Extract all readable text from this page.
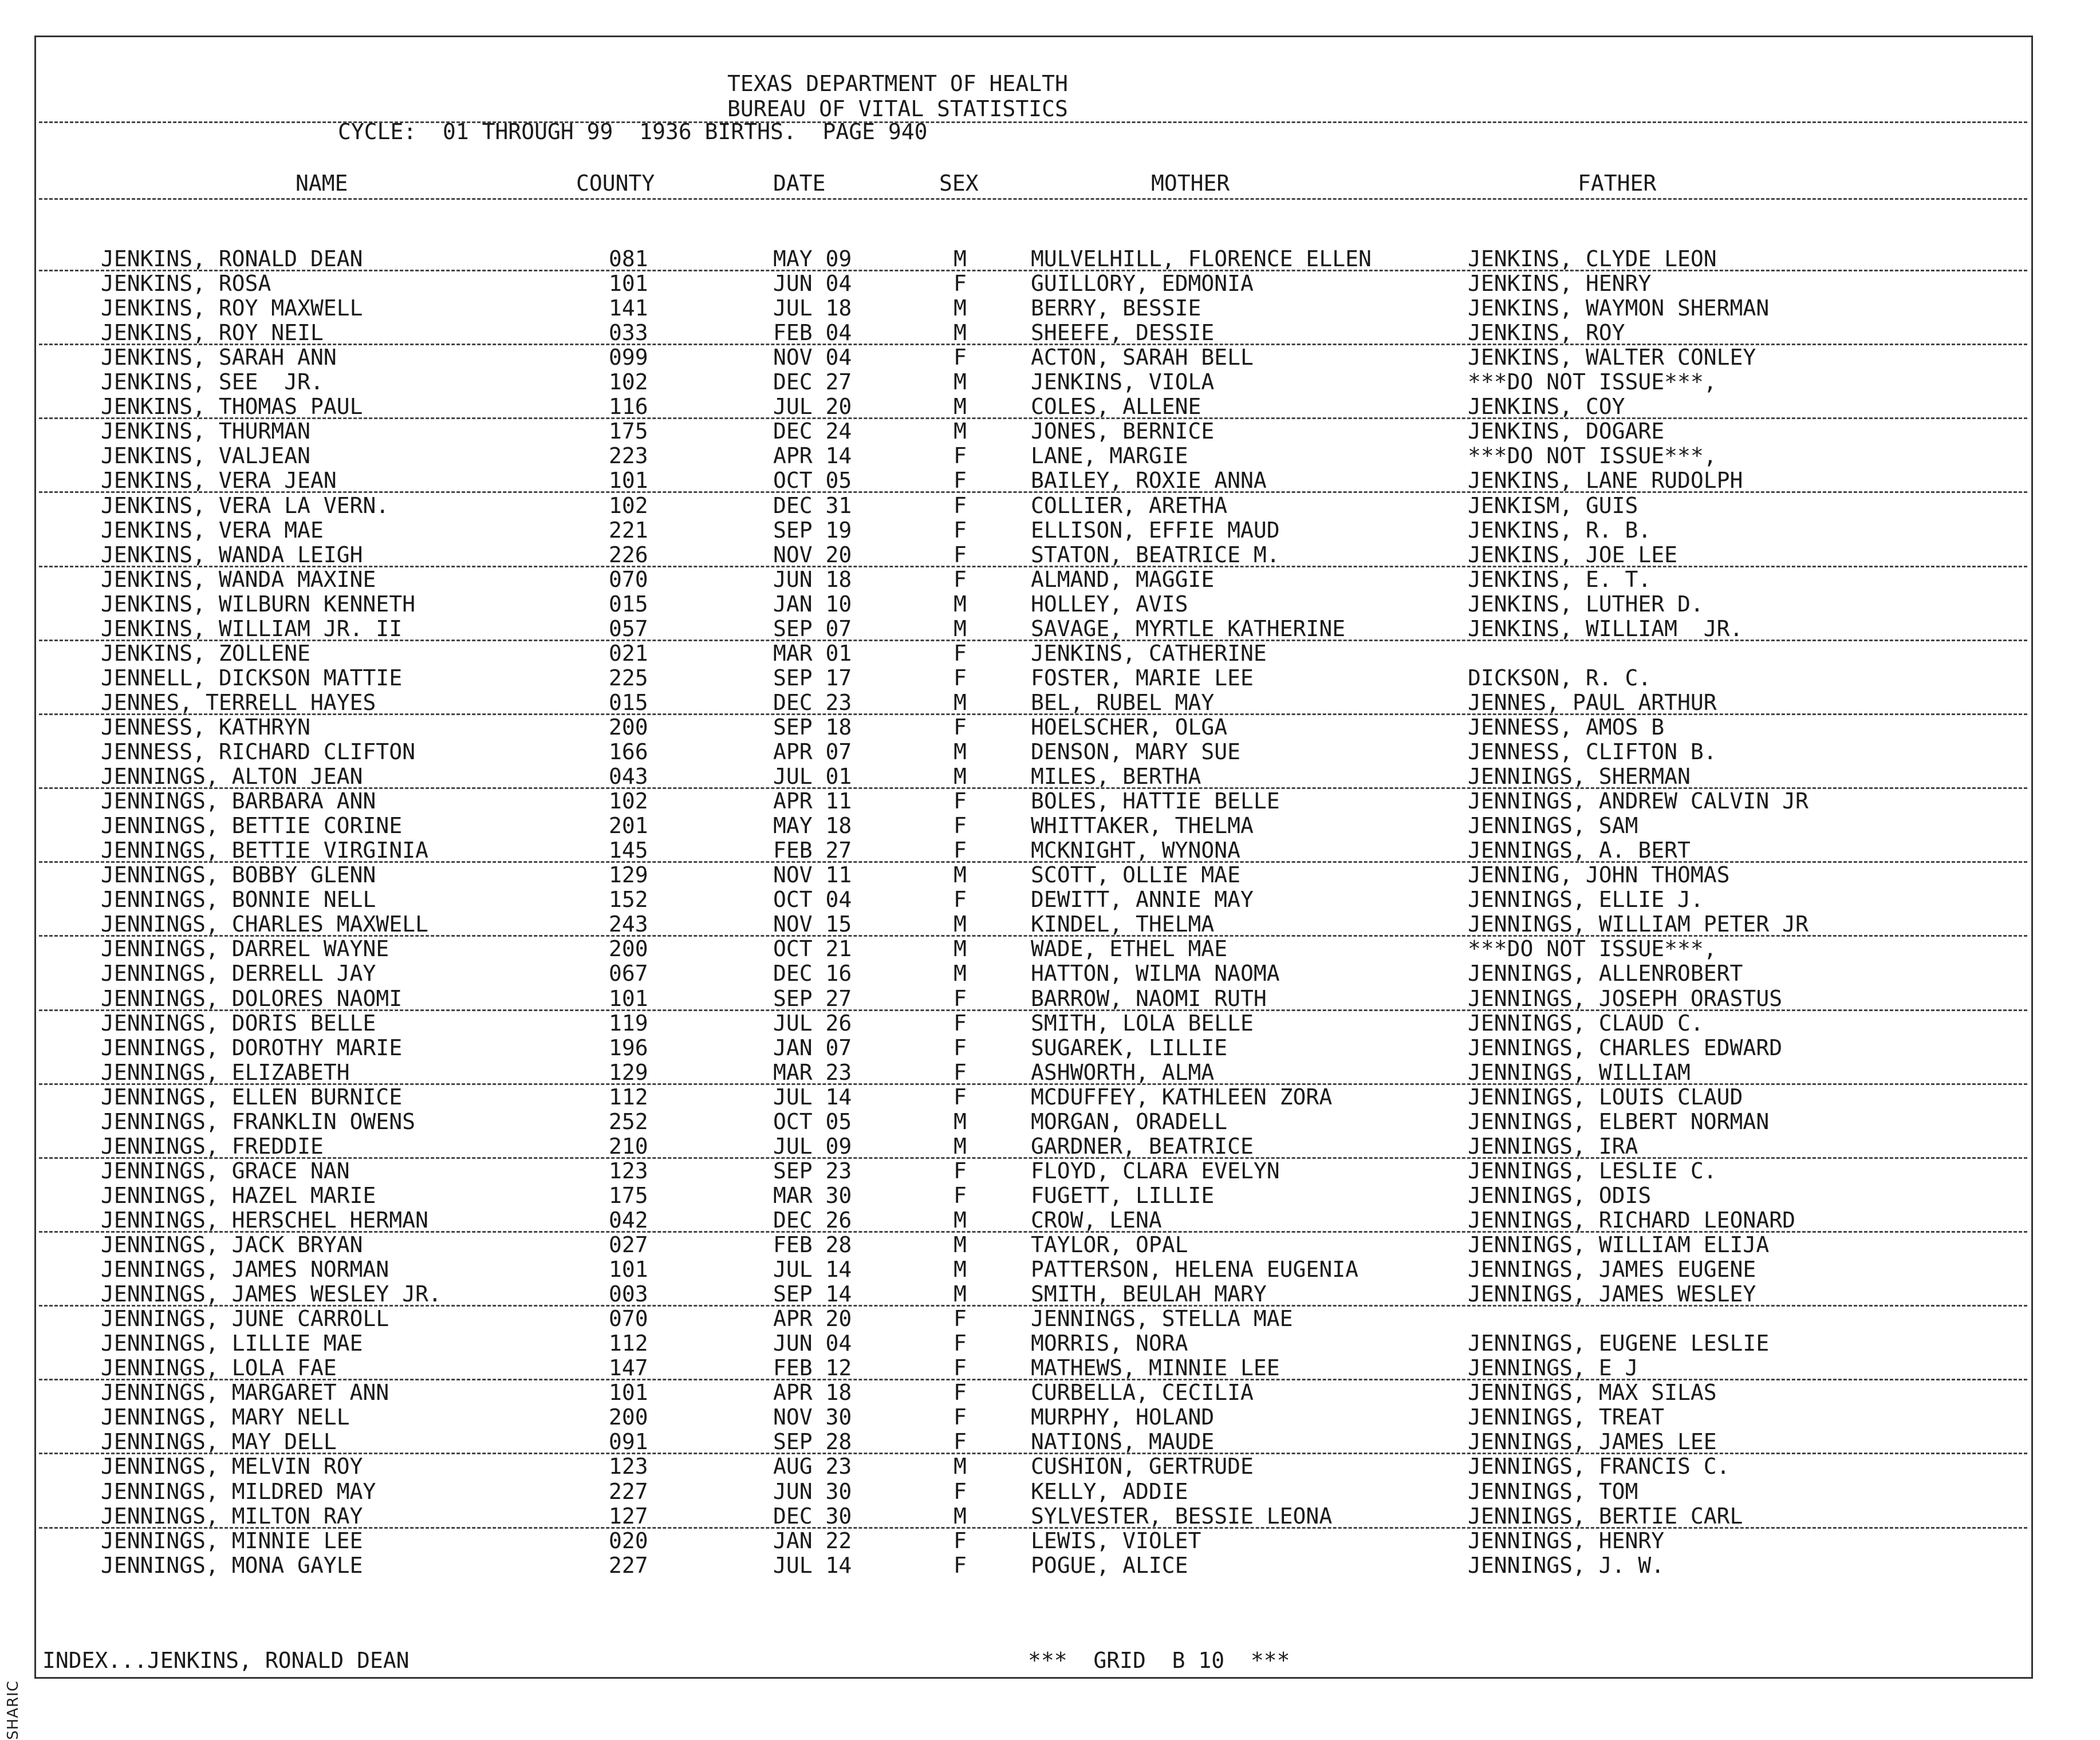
SHARIC
TEXAS DEPARTMENT OF HEALTH
BUREAU OF VITAL STATISTICS
CYCLE:  01 THROUGH 99  1936 BIRTHS.  PAGE 940
NAME	COUNTY	DATE	SEX	MOTHER	FATHER
JENKINS, RONALD DEAN	081	MAY 09	M	MULVELHILL, FLORENCE ELLEN	JENKINS, CLYDE LEON
JENKINS, ROSA	101	JUN 04	F	GUILLORY, EDMONIA	JENKINS, HENRY
JENKINS, ROY MAXWELL	141	JUL 18	M	BERRY, BESSIE	JENKINS, WAYMON SHERMAN
JENKINS, ROY NEIL	033	FEB 04	M	SHEEFE, DESSIE	JENKINS, ROY
JENKINS, SARAH ANN	099	NOV 04	F	ACTON, SARAH BELL	JENKINS, WALTER CONLEY
JENKINS, SEE  JR.	102	DEC 27	M	JENKINS, VIOLA	***DO NOT ISSUE***,
JENKINS, THOMAS PAUL	116	JUL 20	M	COLES, ALLENE	JENKINS, COY
JENKINS, THURMAN	175	DEC 24	M	JONES, BERNICE	JENKINS, DOGARE
JENKINS, VALJEAN	223	APR 14	F	LANE, MARGIE	***DO NOT ISSUE***,
JENKINS, VERA JEAN	101	OCT 05	F	BAILEY, ROXIE ANNA	JENKINS, LANE RUDOLPH
JENKINS, VERA LA VERN.	102	DEC 31	F	COLLIER, ARETHA	JENKISM, GUIS
JENKINS, VERA MAE	221	SEP 19	F	ELLISON, EFFIE MAUD	JENKINS, R. B.
JENKINS, WANDA LEIGH	226	NOV 20	F	STATON, BEATRICE M.	JENKINS, JOE LEE
JENKINS, WANDA MAXINE	070	JUN 18	F	ALMAND, MAGGIE	JENKINS, E. T.
JENKINS, WILBURN KENNETH	015	JAN 10	M	HOLLEY, AVIS	JENKINS, LUTHER D.
JENKINS, WILLIAM JR. II	057	SEP 07	M	SAVAGE, MYRTLE KATHERINE	JENKINS, WILLIAM  JR.
JENKINS, ZOLLENE	021	MAR 01	F	JENKINS, CATHERINE
JENNELL, DICKSON MATTIE	225	SEP 17	F	FOSTER, MARIE LEE	DICKSON, R. C.
JENNES, TERRELL HAYES	015	DEC 23	M	BEL, RUBEL MAY	JENNES, PAUL ARTHUR
JENNESS, KATHRYN	200	SEP 18	F	HOELSCHER, OLGA	JENNESS, AMOS B
JENNESS, RICHARD CLIFTON	166	APR 07	M	DENSON, MARY SUE	JENNESS, CLIFTON B.
JENNINGS, ALTON JEAN	043	JUL 01	M	MILES, BERTHA	JENNINGS, SHERMAN
JENNINGS, BARBARA ANN	102	APR 11	F	BOLES, HATTIE BELLE	JENNINGS, ANDREW CALVIN JR
JENNINGS, BETTIE CORINE	201	MAY 18	F	WHITTAKER, THELMA	JENNINGS, SAM
JENNINGS, BETTIE VIRGINIA	145	FEB 27	F	MCKNIGHT, WYNONA	JENNINGS, A. BERT
JENNINGS, BOBBY GLENN	129	NOV 11	M	SCOTT, OLLIE MAE	JENNING, JOHN THOMAS
JENNINGS, BONNIE NELL	152	OCT 04	F	DEWITT, ANNIE MAY	JENNINGS, ELLIE J.
JENNINGS, CHARLES MAXWELL	243	NOV 15	M	KINDEL, THELMA	JENNINGS, WILLIAM PETER JR
JENNINGS, DARREL WAYNE	200	OCT 21	M	WADE, ETHEL MAE	***DO NOT ISSUE***,
JENNINGS, DERRELL JAY	067	DEC 16	M	HATTON, WILMA NAOMA	JENNINGS, ALLENROBERT
JENNINGS, DOLORES NAOMI	101	SEP 27	F	BARROW, NAOMI RUTH	JENNINGS, JOSEPH ORASTUS
JENNINGS, DORIS BELLE	119	JUL 26	F	SMITH, LOLA BELLE	JENNINGS, CLAUD C.
JENNINGS, DOROTHY MARIE	196	JAN 07	F	SUGAREK, LILLIE	JENNINGS, CHARLES EDWARD
JENNINGS, ELIZABETH	129	MAR 23	F	ASHWORTH, ALMA	JENNINGS, WILLIAM
JENNINGS, ELLEN BURNICE	112	JUL 14	F	MCDUFFEY, KATHLEEN ZORA	JENNINGS, LOUIS CLAUD
JENNINGS, FRANKLIN OWENS	252	OCT 05	M	MORGAN, ORADELL	JENNINGS, ELBERT NORMAN
JENNINGS, FREDDIE	210	JUL 09	M	GARDNER, BEATRICE	JENNINGS, IRA
JENNINGS, GRACE NAN	123	SEP 23	F	FLOYD, CLARA EVELYN	JENNINGS, LESLIE C.
JENNINGS, HAZEL MARIE	175	MAR 30	F	FUGETT, LILLIE	JENNINGS, ODIS
JENNINGS, HERSCHEL HERMAN	042	DEC 26	M	CROW, LENA	JENNINGS, RICHARD LEONARD
JENNINGS, JACK BRYAN	027	FEB 28	M	TAYLOR, OPAL	JENNINGS, WILLIAM ELIJA
JENNINGS, JAMES NORMAN	101	JUL 14	M	PATTERSON, HELENA EUGENIA	JENNINGS, JAMES EUGENE
JENNINGS, JAMES WESLEY JR.	003	SEP 14	M	SMITH, BEULAH MARY	JENNINGS, JAMES WESLEY
JENNINGS, JUNE CARROLL	070	APR 20	F	JENNINGS, STELLA MAE
JENNINGS, LILLIE MAE	112	JUN 04	F	MORRIS, NORA	JENNINGS, EUGENE LESLIE
JENNINGS, LOLA FAE	147	FEB 12	F	MATHEWS, MINNIE LEE	JENNINGS, E J
JENNINGS, MARGARET ANN	101	APR 18	F	CURBELLA, CECILIA	JENNINGS, MAX SILAS
JENNINGS, MARY NELL	200	NOV 30	F	MURPHY, HOLAND	JENNINGS, TREAT
JENNINGS, MAY DELL	091	SEP 28	F	NATIONS, MAUDE	JENNINGS, JAMES LEE
JENNINGS, MELVIN ROY	123	AUG 23	M	CUSHION, GERTRUDE	JENNINGS, FRANCIS C.
JENNINGS, MILDRED MAY	227	JUN 30	F	KELLY, ADDIE	JENNINGS, TOM
JENNINGS, MILTON RAY	127	DEC 30	M	SYLVESTER, BESSIE LEONA	JENNINGS, BERTIE CARL
JENNINGS, MINNIE LEE	020	JAN 22	F	LEWIS, VIOLET	JENNINGS, HENRY
JENNINGS, MONA GAYLE	227	JUL 14	F	POGUE, ALICE	JENNINGS, J. W.
INDEX...JENKINS, RONALD DEAN	***  GRID  B 10  ***
